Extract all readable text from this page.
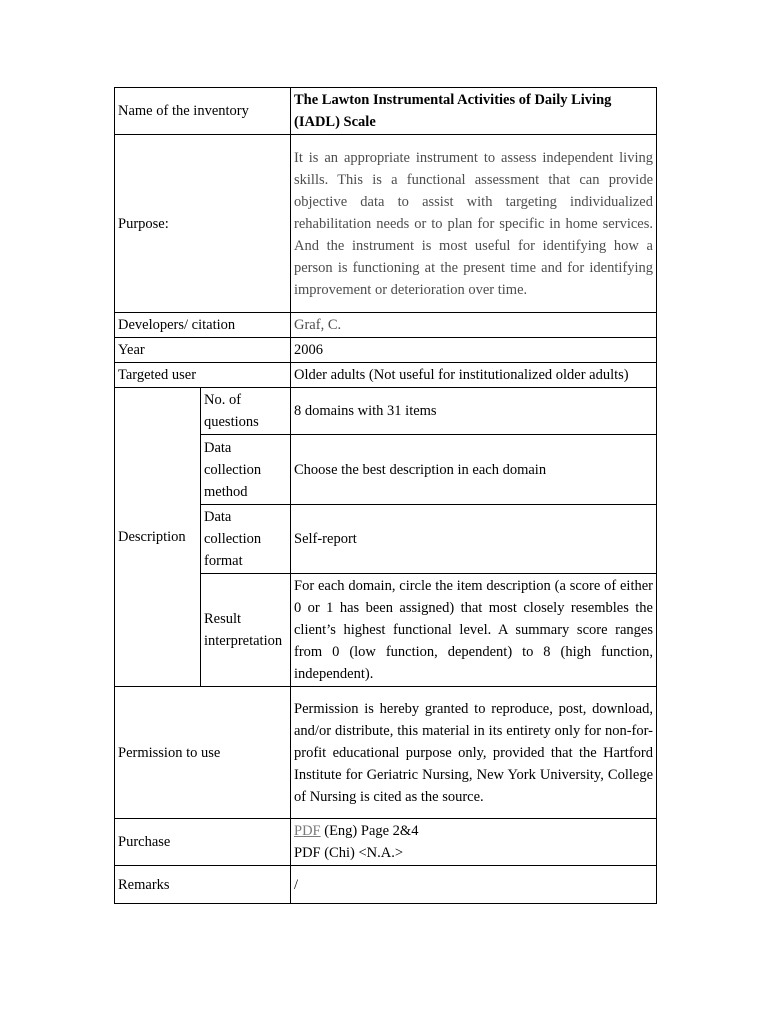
Name of the inventory		The Lawton Instrumental Activities of Daily Living (IADL) Scale
Purpose:		It is an appropriate instrument to assess independent living skills. This is a functional assessment that can provide objective data to assist with targeting individualized rehabilitation needs or to plan for specific in home services. And the instrument is most useful for identifying how a person is functioning at the present time and for identifying improvement or deterioration over time.
Developers/ citation		Graf, C.
Year		2006
Targeted user		Older adults (Not useful for institutionalized older adults)
Description	No. of questions	8 domains with 31 items
	Data collection method	Choose the best description in each domain
	Data collection format	Self-report
	Result interpretation	For each domain, circle the item description (a score of either 0 or 1 has been assigned) that most closely resembles the client’s highest functional level. A summary score ranges from 0 (low function, dependent) to 8 (high function, independent).
Permission to use		Permission is hereby granted to reproduce, post, download, and/or distribute, this material in its entirety only for non-for- profit educational purpose only, provided that the Hartford Institute for Geriatric Nursing, New York University, College of Nursing is cited as the source.
Purchase		PDF (Eng) Page 2&4
PDF (Chi) <N.A.>

Remarks		/
